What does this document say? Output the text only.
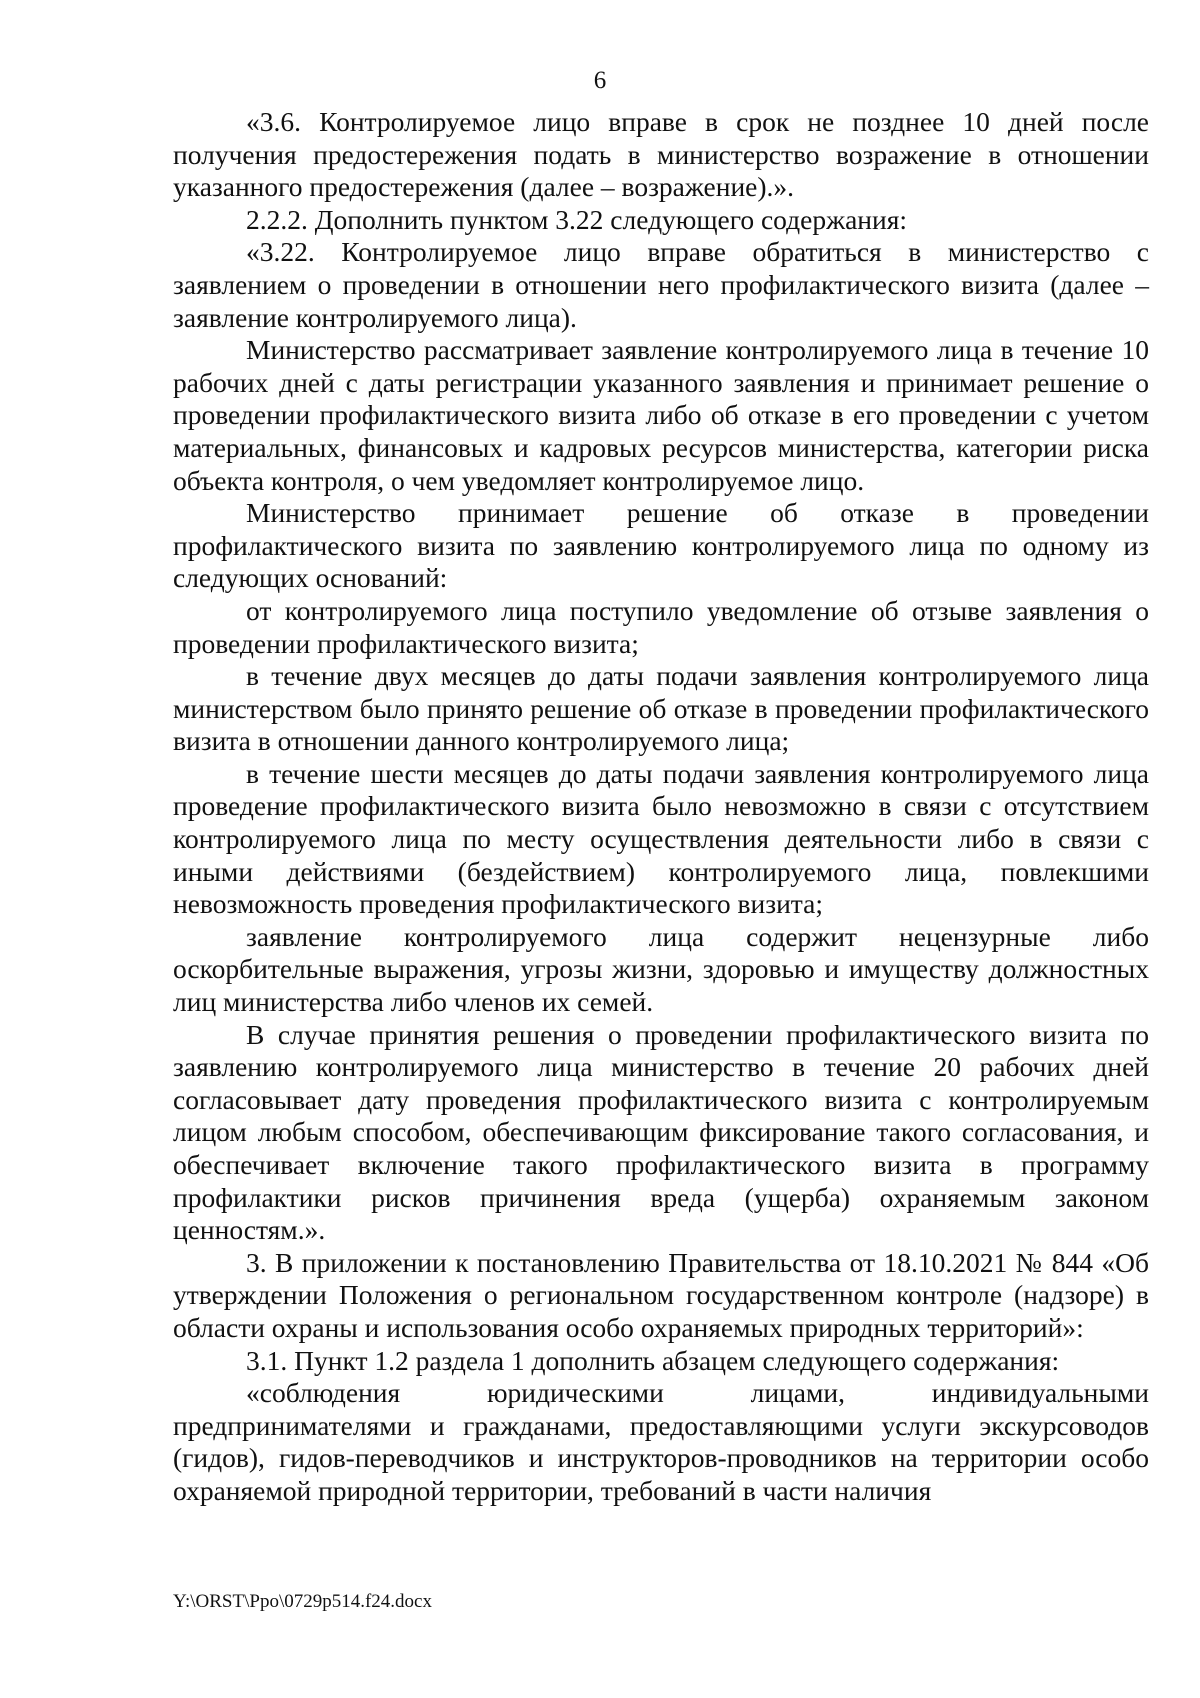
6

«3.6. Контролируемое лицо вправе в срок не позднее 10 дней после получения предостережения подать в министерство возражение в отношении указанного предостережения (далее – возражение).».

2.2.2. Дополнить пунктом 3.22 следующего содержания:

«3.22. Контролируемое лицо вправе обратиться в министерство с заявлением о проведении в отношении него профилактического визита (далее – заявление контролируемого лица).

Министерство рассматривает заявление контролируемого лица в течение 10 рабочих дней с даты регистрации указанного заявления и принимает решение о проведении профилактического визита либо об отказе в его проведении с учетом материальных, финансовых и кадровых ресурсов министерства, категории риска объекта контроля, о чем уведомляет контролируемое лицо.

Министерство принимает решение об отказе в проведении профилактического визита по заявлению контролируемого лица по одному из следующих оснований:

от контролируемого лица поступило уведомление об отзыве заявления о проведении профилактического визита;

в течение двух месяцев до даты подачи заявления контролируемого лица министерством было принято решение об отказе в проведении профилактического визита в отношении данного контролируемого лица;

в течение шести месяцев до даты подачи заявления контролируемого лица проведение профилактического визита было невозможно в связи с отсутствием контролируемого лица по месту осуществления деятельности либо в связи с иными действиями (бездействием) контролируемого лица, повлекшими невозможность проведения профилактического визита;

заявление контролируемого лица содержит нецензурные либо оскорбительные выражения, угрозы жизни, здоровью и имуществу должностных лиц министерства либо членов их семей.

В случае принятия решения о проведении профилактического визита по заявлению контролируемого лица министерство в течение 20 рабочих дней согласовывает дату проведения профилактического визита с контролируемым лицом любым способом, обеспечивающим фиксирование такого согласования, и обеспечивает включение такого профилактического визита в программу профилактики рисков причинения вреда (ущерба) охраняемым законом ценностям.».

3. В приложении к постановлению Правительства от 18.10.2021 № 844 «Об утверждении Положения о региональном государственном контроле (надзоре) в области охраны и использования особо охраняемых природных территорий»:

3.1. Пункт 1.2 раздела 1 дополнить абзацем следующего содержания:

«соблюдения юридическими лицами, индивидуальными предпринимателями и гражданами, предоставляющими услуги экскурсоводов (гидов), гидов-переводчиков и инструкторов-проводников на территории особо охраняемой природной территории, требований в части наличия

Y:\ORST\Ppo\0729p514.f24.docx
